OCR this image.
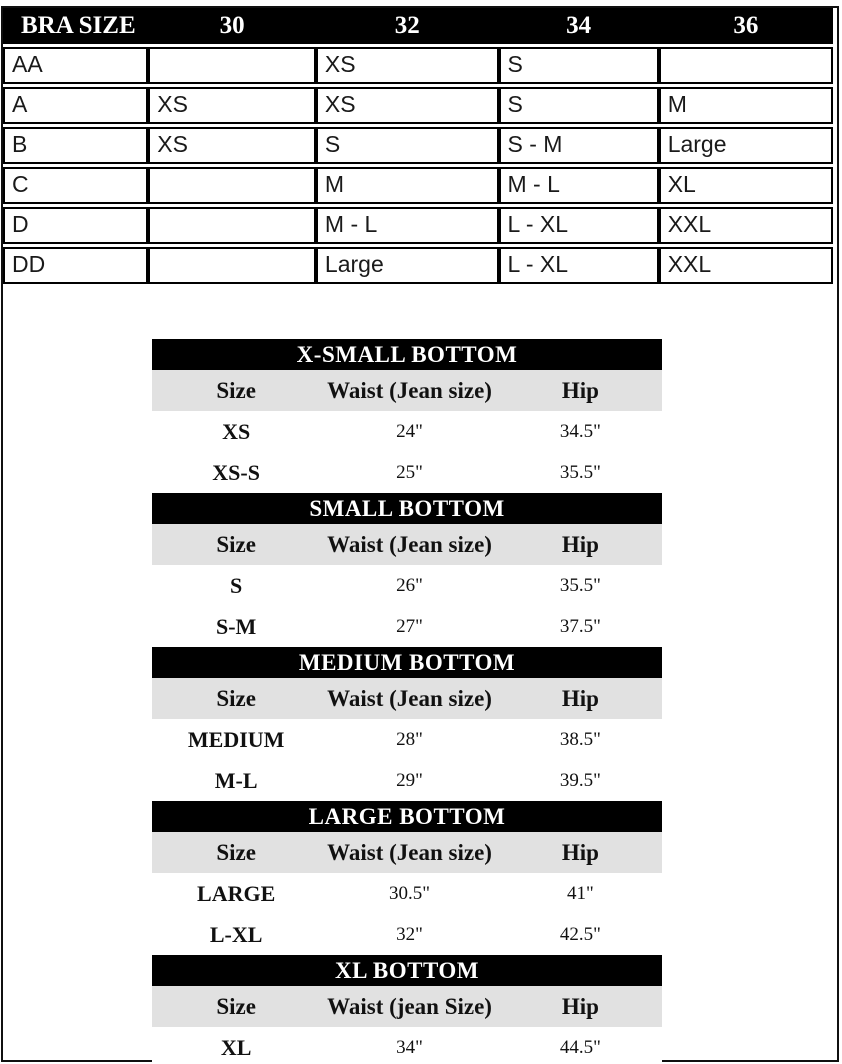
BRA SIZE	30	32	34	36
AA		XS	S	
A	XS	XS	S	M
B	XS	S	S - M	Large
C		M	M - L	XL
D		M - L	L - XL	XXL
DD		Large	L - XL	XXL
X-SMALL BOTTOM		
Size	Waist (Jean size)	Hip
XS	24"	34.5"
XS-S	25"	35.5"
SMALL BOTTOM		
Size	Waist (Jean size)	Hip
S	26"	35.5"
S-M	27"	37.5"
MEDIUM BOTTOM		
Size	Waist (Jean size)	Hip
MEDIUM	28"	38.5"
M-L	29"	39.5"
LARGE BOTTOM		
Size	Waist (Jean size)	Hip
LARGE	30.5"	41"
L-XL	32"	42.5"
XL BOTTOM		
Size	Waist (jean Size)	Hip
XL	34"	44.5"
